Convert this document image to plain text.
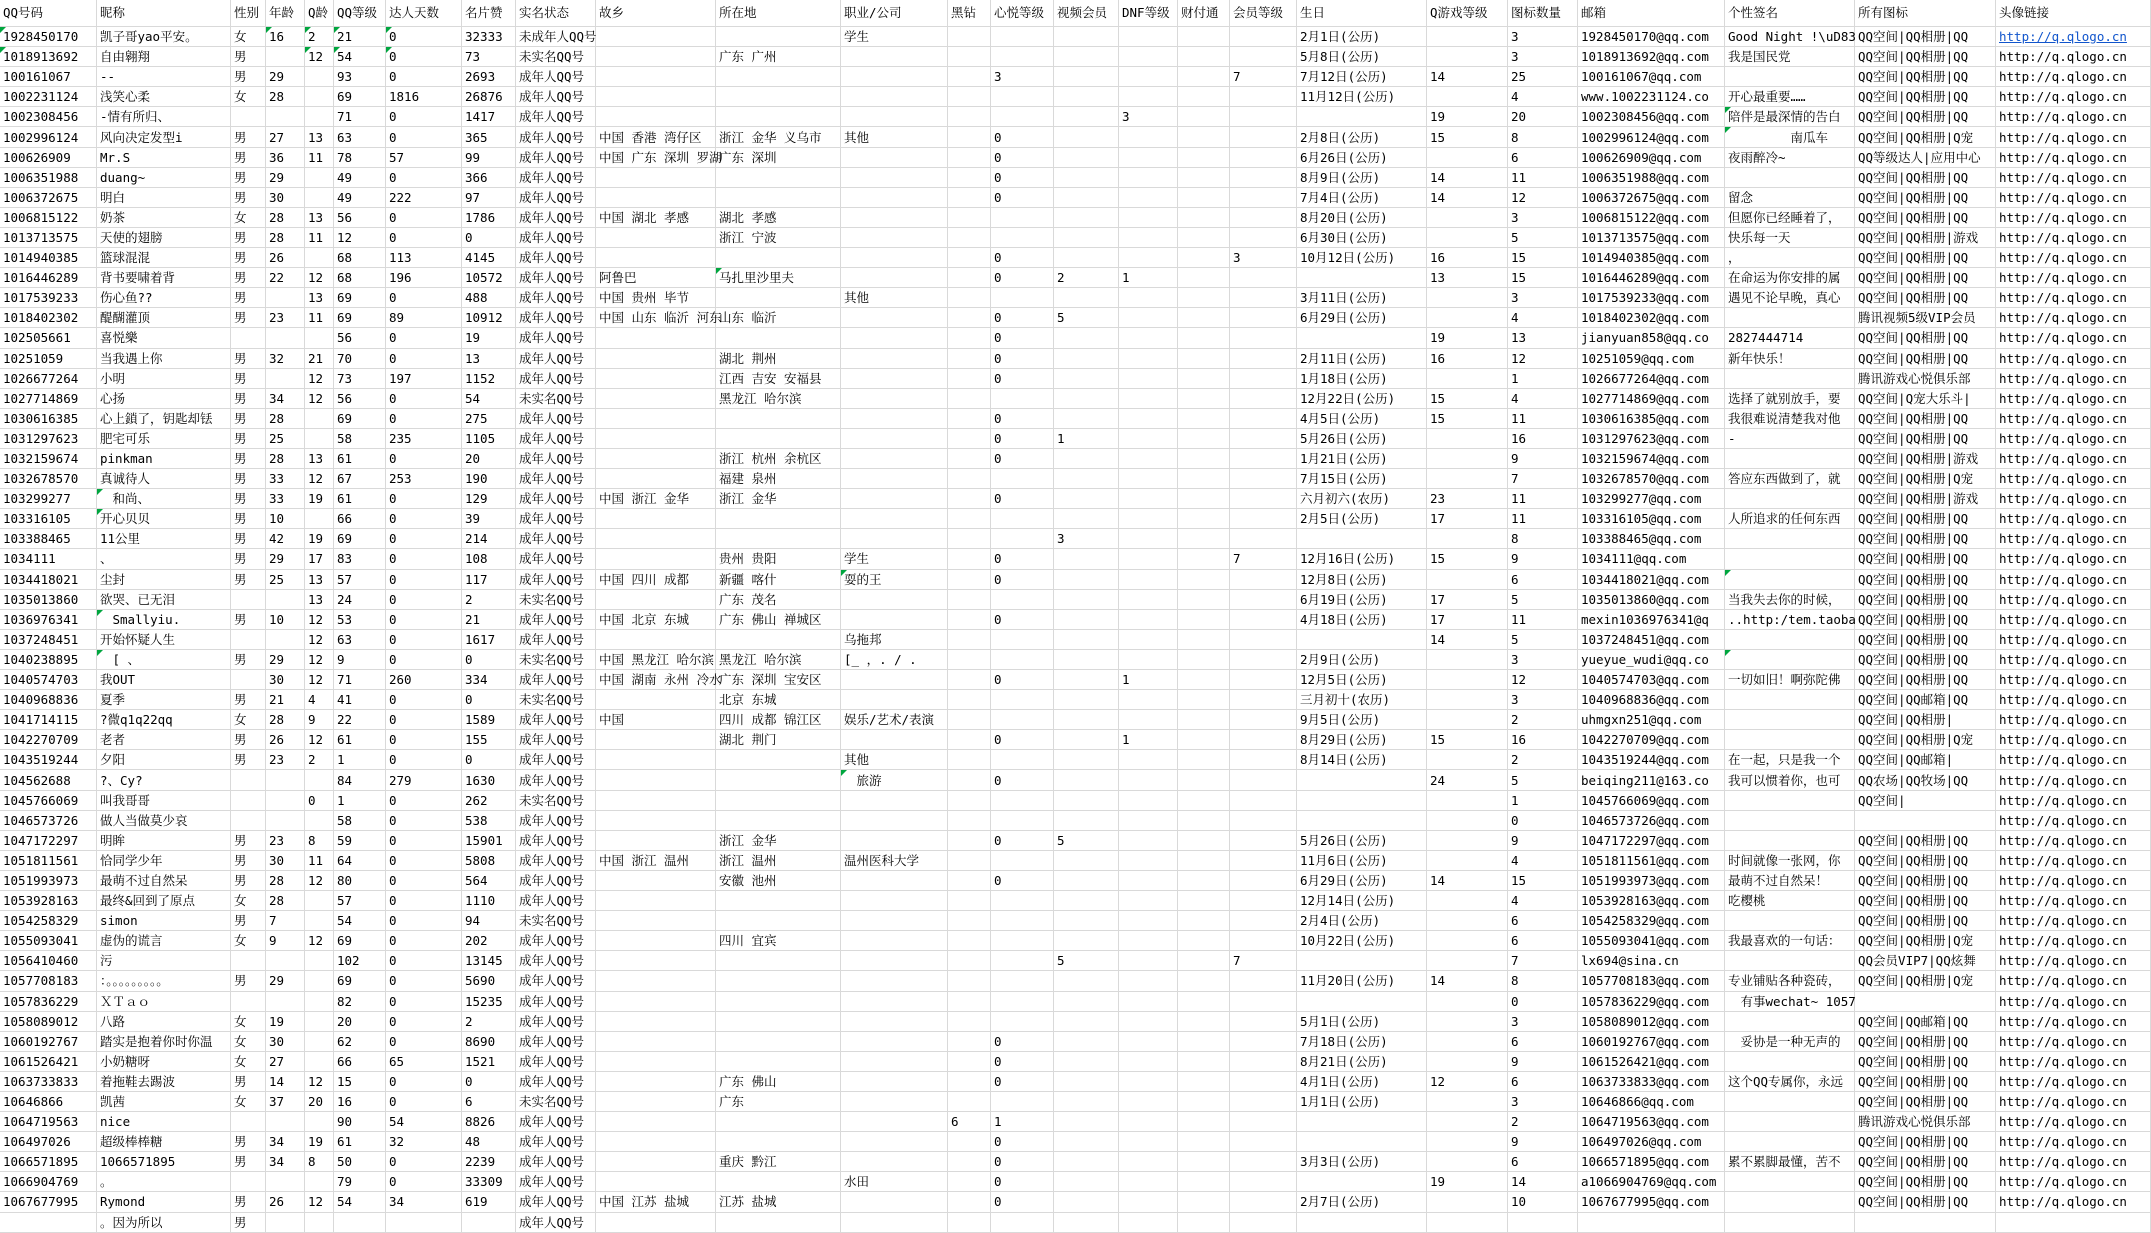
QQ号码	昵称	性别	年龄	Q龄	QQ等级	达人天数	名片赞	实名状态	故乡	所在地	职业/公司	黑钻	心悦等级	视频会员	DNF等级	财付通	会员等级	生日	Q游戏等级	图标数量	邮箱	个性签名	所有图标	头像链接
1928450170	凯子哥yao平安。	女	16	2	21	0	32333	未成年人QQ号			学生							2月1日(公历)		3	1928450170@qq.com	Good Night !\uD83	QQ空间|QQ相册|QQ	http://q.qlogo.cn
1018913692	自由翱翔	男		12	54	0	73	未实名QQ号		广东 广州								5月8日(公历)		3	1018913692@qq.com	我是国民党	QQ空间|QQ相册|QQ	http://q.qlogo.cn
100161067	--	男	29		93	0	2693	成年人QQ号					3				7	7月12日(公历)	14	25	100161067@qq.com		QQ空间|QQ相册|QQ	http://q.qlogo.cn
1002231124	浅笑心柔	女	28		69	1816	26876	成年人QQ号										11月12日(公历)		4	www.1002231124.co	开心最重要……	QQ空间|QQ相册|QQ	http://q.qlogo.cn
1002308456	-情有所归、				71	0	1417	成年人QQ号							3				19	20	1002308456@qq.com	陪伴是最深情的告白	QQ空间|QQ相册|QQ	http://q.qlogo.cn
1002996124	风向决定发型i	男	27	13	63	0	365	成年人QQ号	中国 香港 湾仔区	浙江 金华 义乌市	其他		0					2月8日(公历)	15	8	1002996124@qq.com	　　　　　南瓜车	QQ空间|QQ相册|Q宠	http://q.qlogo.cn
100626909	Mr.S	男	36	11	78	57	99	成年人QQ号	中国 广东 深圳 罗湖	广东 深圳			0					6月26日(公历)		6	100626909@qq.com	夜雨醉冷~	QQ等级达人|应用中心	http://q.qlogo.cn
1006351988	duang~	男	29		49	0	366	成年人QQ号					0					8月9日(公历)	14	11	1006351988@qq.com		QQ空间|QQ相册|QQ	http://q.qlogo.cn
1006372675	明白	男	30		49	222	97	成年人QQ号					0					7月4日(公历)	14	12	1006372675@qq.com	留念	QQ空间|QQ相册|QQ	http://q.qlogo.cn
1006815122	奶茶	女	28	13	56	0	1786	成年人QQ号	中国 湖北 孝感	湖北 孝感								8月20日(公历)		3	1006815122@qq.com	但愿你已经睡着了，	QQ空间|QQ相册|QQ	http://q.qlogo.cn
1013713575	天使的翅膀	男	28	11	12	0	0	成年人QQ号		浙江 宁波								6月30日(公历)		5	1013713575@qq.com	快乐每一天	QQ空间|QQ相册|游戏	http://q.qlogo.cn
1014940385	篮球混混	男	26		68	113	4145	成年人QQ号					0				3	10月12日(公历)	16	15	1014940385@qq.com	，	QQ空间|QQ相册|QQ	http://q.qlogo.cn
1016446289	背书要啸着背	男	22	12	68	196	10572	成年人QQ号	阿鲁巴	马扎里沙里夫			0	2	1				13	15	1016446289@qq.com	在命运为你安排的属	QQ空间|QQ相册|QQ	http://q.qlogo.cn
1017539233	伤心鱼??	男		13	69	0	488	成年人QQ号	中国 贵州 毕节		其他							3月11日(公历)		3	1017539233@qq.com	遇见不论早晚，真心	QQ空间|QQ相册|QQ	http://q.qlogo.cn
1018402302	醍醐灌顶	男	23	11	69	89	10912	成年人QQ号	中国 山东 临沂 河东	山东 临沂			0	5				6月29日(公历)		4	1018402302@qq.com		腾讯视频5级VIP会员	http://q.qlogo.cn
102505661	喜悦樂				56	0	19	成年人QQ号					0						19	13	jianyuan858@qq.co	2827444714	QQ空间|QQ相册|QQ	http://q.qlogo.cn
10251059	当我遇上你	男	32	21	70	0	13	成年人QQ号		湖北 荆州			0					2月11日(公历)	16	12	10251059@qq.com	新年快乐！	QQ空间|QQ相册|QQ	http://q.qlogo.cn
1026677264	小明	男		12	73	197	1152	成年人QQ号		江西 吉安 安福县			0					1月18日(公历)		1	1026677264@qq.com		腾讯游戏心悦俱乐部	http://q.qlogo.cn
1027714869	心扬	男	34	12	56	0	54	未实名QQ号		黑龙江 哈尔滨								12月22日(公历)	15	4	1027714869@qq.com	选择了就别放手，要	QQ空间|Q宠大乐斗|	http://q.qlogo.cn
1030616385	心上鎖了，钥匙却铥	男	28		69	0	275	成年人QQ号					0					4月5日(公历)	15	11	1030616385@qq.com	我很难说清楚我对他	QQ空间|QQ相册|QQ	http://q.qlogo.cn
1031297623	肥宅可乐	男	25		58	235	1105	成年人QQ号					0	1				5月26日(公历)		16	1031297623@qq.com	-	QQ空间|QQ相册|QQ	http://q.qlogo.cn
1032159674	pinkman	男	28	13	61	0	20	成年人QQ号		浙江 杭州 余杭区			0					1月21日(公历)		9	1032159674@qq.com		QQ空间|QQ相册|游戏	http://q.qlogo.cn
1032678570	真诚待人	男	33	12	67	253	190	成年人QQ号		福建 泉州								7月15日(公历)		7	1032678570@qq.com	答应东西做到了，就	QQ空间|QQ相册|Q宠	http://q.qlogo.cn
103299277	　和尚、	男	33	19	61	0	129	成年人QQ号	中国 浙江 金华	浙江 金华			0					六月初六(农历)	23	11	103299277@qq.com		QQ空间|QQ相册|游戏	http://q.qlogo.cn
103316105	开心贝贝	男	10		66	0	39	成年人QQ号										2月5日(公历)	17	11	103316105@qq.com	人所追求的任何东西	QQ空间|QQ相册|QQ	http://q.qlogo.cn
103388465	11公里	男	42	19	69	0	214	成年人QQ号						3						8	103388465@qq.com		QQ空间|QQ相册|QQ	http://q.qlogo.cn
1034111	、	男	29	17	83	0	108	成年人QQ号		贵州 贵阳	学生		0				7	12月16日(公历)	15	9	1034111@qq.com		QQ空间|QQ相册|QQ	http://q.qlogo.cn
1034418021	尘封	男	25	13	57	0	117	成年人QQ号	中国 四川 成都	新疆 喀什	耍的王		0					12月8日(公历)		6	1034418021@qq.com		QQ空间|QQ相册|QQ	http://q.qlogo.cn
1035013860	欲哭、已无泪			13	24	0	2	未实名QQ号		广东 茂名								6月19日(公历)	17	5	1035013860@qq.com	当我失去你的时候，	QQ空间|QQ相册|QQ	http://q.qlogo.cn
1036976341	　Smallyiu.	男	10	12	53	0	21	成年人QQ号	中国 北京 东城	广东 佛山 禅城区			0					4月18日(公历)	17	11	mexin1036976341@q	..http:/tem.taoba	QQ空间|QQ相册|QQ	http://q.qlogo.cn
1037248451	开始怀疑人生			12	63	0	1617	成年人QQ号			乌拖邦								14	5	1037248451@qq.com		QQ空间|QQ相册|QQ	http://q.qlogo.cn
1040238895	　[ 、	男	29	12	9	0	0	未实名QQ号	中国 黑龙江 哈尔滨	黑龙江 哈尔滨	[_ ，. / .							2月9日(公历)		3	yueyue_wudi@qq.co		QQ空间|QQ相册|QQ	http://q.qlogo.cn
1040574703	我OUT		30	12	71	260	334	成年人QQ号	中国 湖南 永州 冷水	广东 深圳 宝安区			0		1			12月5日(公历)		12	1040574703@qq.com	一切如旧！啊弥陀佛	QQ空间|QQ相册|QQ	http://q.qlogo.cn
1040968836	夏季	男	21	4	41	0	0	未实名QQ号		北京 东城								三月初十(农历)		3	1040968836@qq.com		QQ空间|QQ邮箱|QQ	http://q.qlogo.cn
1041714115	?微q1q22qq	女	28	9	22	0	1589	成年人QQ号	中国	四川 成都 锦江区	娱乐/艺术/表演							9月5日(公历)		2	uhmgxn251@qq.com		QQ空间|QQ相册|	http://q.qlogo.cn
1042270709	老者	男	26	12	61	0	155	成年人QQ号		湖北 荆门			0		1			8月29日(公历)	15	16	1042270709@qq.com		QQ空间|QQ相册|Q宠	http://q.qlogo.cn
1043519244	夕阳	男	23	2	1	0	0	成年人QQ号			其他							8月14日(公历)		2	1043519244@qq.com	在一起，只是我一个	QQ空间|QQ邮箱|	http://q.qlogo.cn
104562688	?、Cy?				84	279	1630	成年人QQ号			　旅游		0						24	5	beiqing211@163.co	我可以惯着你，也可	QQ农场|QQ牧场|QQ	http://q.qlogo.cn
1045766069	叫我哥哥			0	1	0	262	未实名QQ号												1	1045766069@qq.com		QQ空间|	http://q.qlogo.cn
1046573726	做人当做莫少哀				58	0	538	成年人QQ号												0	1046573726@qq.com			http://q.qlogo.cn
1047172297	明眸	男	23	8	59	0	15901	成年人QQ号		浙江 金华			0	5				5月26日(公历)		9	1047172297@qq.com		QQ空间|QQ相册|QQ	http://q.qlogo.cn
1051811561	恰同学少年	男	30	11	64	0	5808	成年人QQ号	中国 浙江 温州	浙江 温州	温州医科大学							11月6日(公历)		4	1051811561@qq.com	时间就像一张网，你	QQ空间|QQ相册|QQ	http://q.qlogo.cn
1051993973	最萌不过自然呆	男	28	12	80	0	564	成年人QQ号		安徽 池州			0					6月29日(公历)	14	15	1051993973@qq.com	最萌不过自然呆！	QQ空间|QQ相册|QQ	http://q.qlogo.cn
1053928163	最终&回到了原点	女	28		57	0	1110	成年人QQ号										12月14日(公历)		4	1053928163@qq.com	吃樱桃	QQ空间|QQ相册|QQ	http://q.qlogo.cn
1054258329	simon	男	7		54	0	94	未实名QQ号										2月4日(公历)		6	1054258329@qq.com		QQ空间|QQ相册|QQ	http://q.qlogo.cn
1055093041	虚伪的谎言	女	9	12	69	0	202	成年人QQ号		四川 宜宾								10月22日(公历)		6	1055093041@qq.com	我最喜欢的一句话：	QQ空间|QQ相册|Q宠	http://q.qlogo.cn
1056410460	污				102	0	13145	成年人QQ号						5			7			7	lx694@sina.cn		QQ会员VIP7|QQ炫舞	http://q.qlogo.cn
1057708183	：。。。。。。。。。	男	29		69	0	5690	成年人QQ号										11月20日(公历)	14	8	1057708183@qq.com	专业铺贴各种瓷砖，	QQ空间|QQ相册|Q宠	http://q.qlogo.cn
1057836229	ＸＴａｏ				82	0	15235	成年人QQ号												0	1057836229@qq.com	　有事wechat~ 1057		http://q.qlogo.cn
1058089012	八路	女	19		20	0	2	成年人QQ号										5月1日(公历)		3	1058089012@qq.com		QQ空间|QQ邮箱|QQ	http://q.qlogo.cn
1060192767	踏实是抱着你时你温	女	30		62	0	8690	成年人QQ号					0					7月18日(公历)		6	1060192767@qq.com	　妥协是一种无声的	QQ空间|QQ相册|QQ	http://q.qlogo.cn
1061526421	小奶糖呀	女	27		66	65	1521	成年人QQ号					0					8月21日(公历)		9	1061526421@qq.com		QQ空间|QQ相册|QQ	http://q.qlogo.cn
1063733833	着拖鞋去踢波	男	14	12	15	0	0	成年人QQ号		广东 佛山			0					4月1日(公历)	12	6	1063733833@qq.com	这个QQ专属你，永远	QQ空间|QQ相册|QQ	http://q.qlogo.cn
10646866	凯茜	女	37	20	16	0	6	未实名QQ号		广东								1月1日(公历)		3	10646866@qq.com		QQ空间|QQ相册|QQ	http://q.qlogo.cn
1064719563	nice				90	54	8826	成年人QQ号				6	1							2	1064719563@qq.com		腾讯游戏心悦俱乐部	http://q.qlogo.cn
106497026	超级棒棒糖	男	34	19	61	32	48	成年人QQ号					0							9	106497026@qq.com		QQ空间|QQ相册|QQ	http://q.qlogo.cn
1066571895	1066571895	男	34	8	50	0	2239	成年人QQ号		重庆 黔江			0					3月3日(公历)		6	1066571895@qq.com	累不累脚最懂，苦不	QQ空间|QQ相册|QQ	http://q.qlogo.cn
1066904769	。				79	0	33309	成年人QQ号			水田		0						19	14	a1066904769@qq.com		QQ空间|QQ相册|QQ	http://q.qlogo.cn
1067677995	Rymond	男	26	12	54	34	619	成年人QQ号	中国 江苏 盐城	江苏 盐城			0					2月7日(公历)		10	1067677995@qq.com		QQ空间|QQ相册|QQ	http://q.qlogo.cn
	。因为所以	男						成年人QQ号																
